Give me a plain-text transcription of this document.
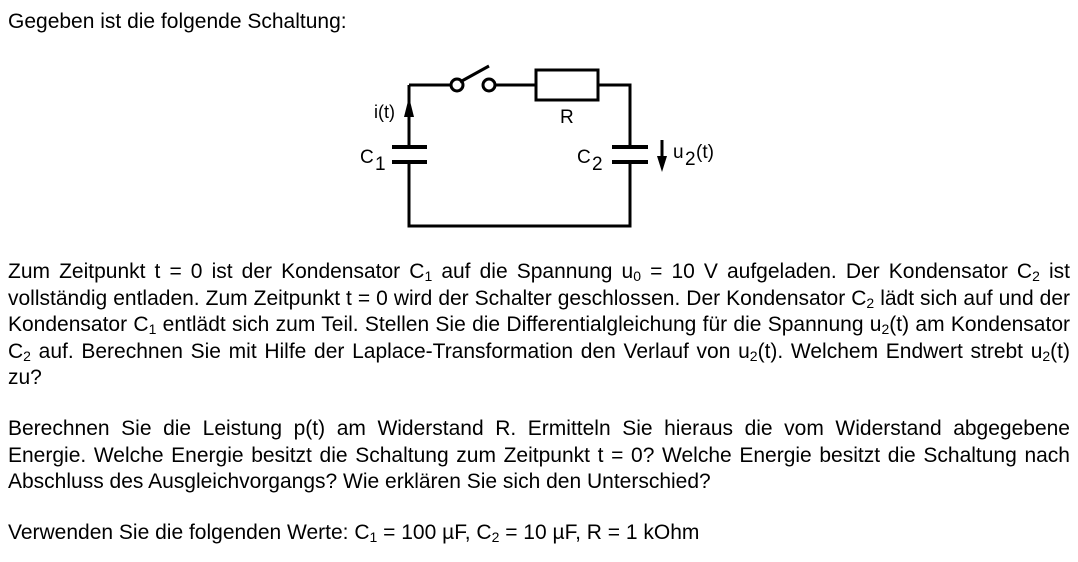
Gegeben ist die folgende Schaltung:
i(t)	R
C 1	C 2
u 2 (t)

Zum Zeitpunkt t = 0 ist der Kondensator $C_1$ auf die Spannung $u_0 = 10$ V aufgeladen. Der Kondensator $C_2$ ist vollständig entladen. Zum Zeitpunkt t = 0 wird der Schalter geschlossen. Der Kondensator $C_2$ lädt sich auf und der Kondensator $C_1$ entlädt sich zum Teil. Stellen Sie die Differentialgleichung für die Spannung $u_2(t)$ am Kondensator $C_2$ auf. Berechnen Sie mit Hilfe der Laplace-Transformation den Verlauf von $u_2(t)$. Welchem Endwert strebt $u_2(t)$ zu?

Berechnen Sie die Leistung p(t) am Widerstand R. Ermitteln Sie hieraus die vom Widerstand abgegebene Energie. Welche Energie besitzt die Schaltung zum Zeitpunkt t = 0? Welche Energie besitzt die Schaltung nach Abschluss des Ausgleichvorgangs? Wie erklären Sie sich den Unterschied?

Verwenden Sie die folgenden Werte: $C_1 = 100$ µF, $C_2 = 10$ µF, R = 1 kOhm
